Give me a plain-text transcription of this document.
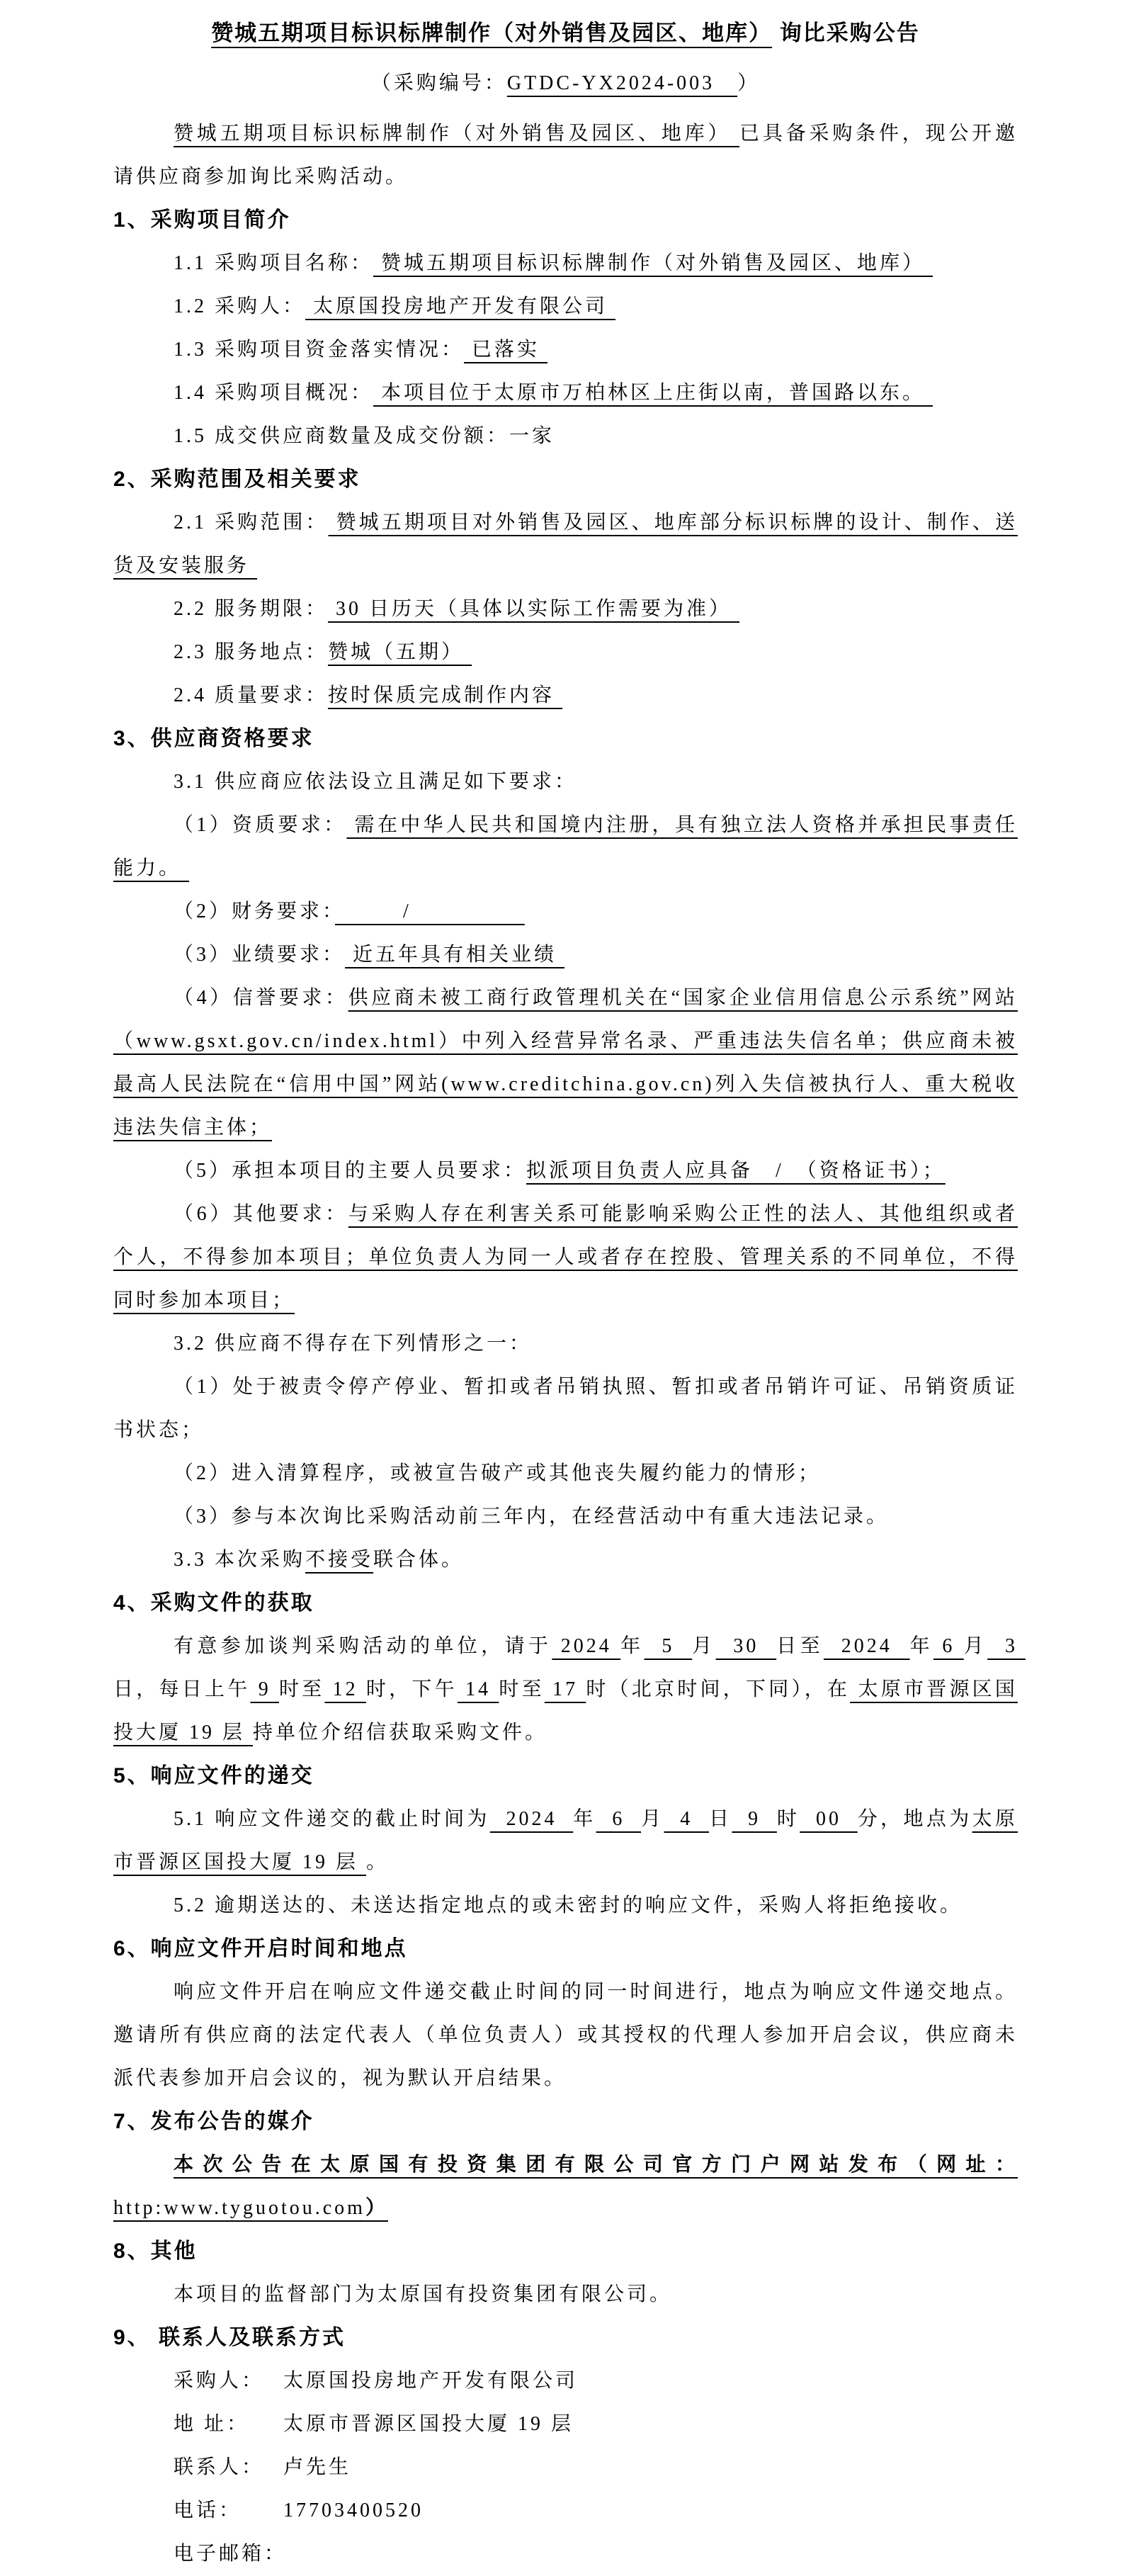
赞城五期项目标识标牌制作（对外销售及园区、地库） 询比采购公告

（采购编号：GTDC-YX2024-003　）

赞城五期项目标识标牌制作（对外销售及园区、地库） 已具备采购条件，现公开邀请供应商参加询比采购活动。

1、采购项目简介

1.1 采购项目名称： 赞城五期项目标识标牌制作（对外销售及园区、地库）

1.2 采购人： 太原国投房地产开发有限公司

1.3 采购项目资金落实情况： 已落实

1.4 采购项目概况： 本项目位于太原市万柏林区上庄街以南，普国路以东。

1.5 成交供应商数量及成交份额：一家

2、采购范围及相关要求

2.1 采购范围： 赞城五期项目对外销售及园区、地库部分标识标牌的设计、制作、送货及安装服务

2.2 服务期限： 30 日历天（具体以实际工作需要为准）

2.3 服务地点：赞城（五期）

2.4 质量要求：按时保质完成制作内容

3、供应商资格要求

3.1 供应商应依法设立且满足如下要求：

（1）资质要求： 需在中华人民共和国境内注册，具有独立法人资格并承担民事责任能力。

（2）财务要求：　　　/　　　　　

（3）业绩要求： 近五年具有相关业绩

（4）信誉要求：供应商未被工商行政管理机关在“国家企业信用信息公示系统”网站（www.gsxt.gov.cn/index.html）中列入经营异常名录、严重违法失信名单；供应商未被最高人民法院在“信用中国”网站(www.creditchina.gov.cn)列入失信被执行人、重大税收违法失信主体；

（5）承担本项目的主要人员要求：拟派项目负责人应具备　/　（资格证书）；

（6）其他要求：与采购人存在利害关系可能影响采购公正性的法人、其他组织或者个人，不得参加本项目；单位负责人为同一人或者存在控股、管理关系的不同单位，不得同时参加本项目；

3.2 供应商不得存在下列情形之一：

（1）处于被责令停产停业、暂扣或者吊销执照、暂扣或者吊销许可证、吊销资质证书状态；

（2）进入清算程序，或被宣告破产或其他丧失履约能力的情形；

（3）参与本次询比采购活动前三年内，在经营活动中有重大违法记录。

3.3 本次采购不接受联合体。

4、采购文件的获取

有意参加谈判采购活动的单位，请于 2024 年  5  月  30  日至  2024  年 6 月  3 日，每日上午 9 时至 12 时，下午 14 时至 17 时（北京时间，下同），在 太原市晋源区国投大厦 19 层 持单位介绍信获取采购文件。

5、响应文件的递交

5.1 响应文件递交的截止时间为  2024  年  6  月  4  日  9  时  00  分，地点为太原市晋源区国投大厦 19 层 。

5.2 逾期送达的、未送达指定地点的或未密封的响应文件，采购人将拒绝接收。

6、响应文件开启时间和地点

响应文件开启在响应文件递交截止时间的同一时间进行，地点为响应文件递交地点。邀请所有供应商的法定代表人（单位负责人）或其授权的代理人参加开启会议，供应商未派代表参加开启会议的，视为默认开启结果。

7、发布公告的媒介

本次公告在太原国有投资集团有限公司官方门户网站发布（网址：http:www.tyguotou.com）

8、其他

本项目的监督部门为太原国有投资集团有限公司。

9、 联系人及联系方式

采购人： 太原国投房地产开发有限公司

地 址： 太原市晋源区国投大厦 19 层

联系人： 卢先生

电话： 17703400520

电子邮箱：
